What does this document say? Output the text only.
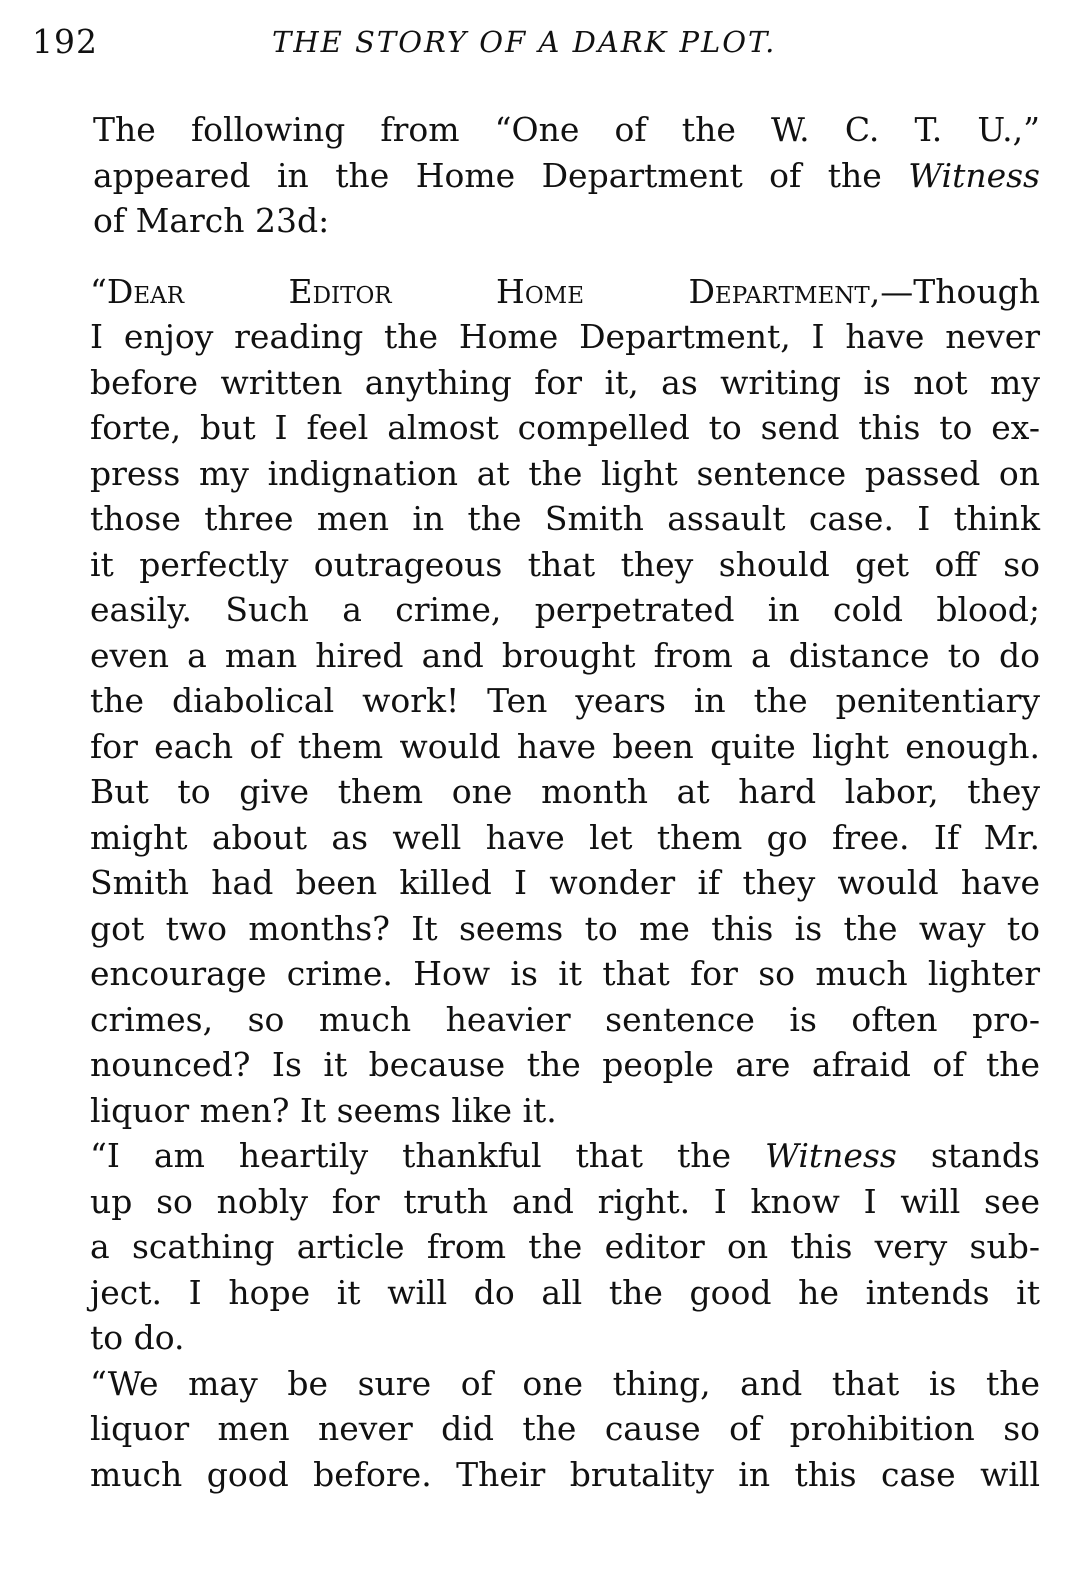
192	THE STORY OF A DARK PLOT.

The following from “One of the W. C. T. U.,”
appeared in the Home Department of the Witness
of March 23d:

“Dear Editor Home Department,—Though
I enjoy reading the Home Department, I have never
before written anything for it, as writing is not my
forte, but I feel almost compelled to send this to ex-
press my indignation at the light sentence passed on
those three men in the Smith assault case. I think
it perfectly outrageous that they should get off so
easily. Such a crime, perpetrated in cold blood;
even a man hired and brought from a distance to do
the diabolical work! Ten years in the penitentiary
for each of them would have been quite light enough.
But to give them one month at hard labor, they
might about as well have let them go free. If Mr.
Smith had been killed I wonder if they would have
got two months? It seems to me this is the way to
encourage crime. How is it that for so much lighter
crimes, so much heavier sentence is often pro-
nounced? Is it because the people are afraid of the
liquor men? It seems like it.

“I am heartily thankful that the Witness stands
up so nobly for truth and right. I know I will see
a scathing article from the editor on this very sub-
ject. I hope it will do all the good he intends it
to do.

“We may be sure of one thing, and that is the
liquor men never did the cause of prohibition so
much good before. Their brutality in this case will
